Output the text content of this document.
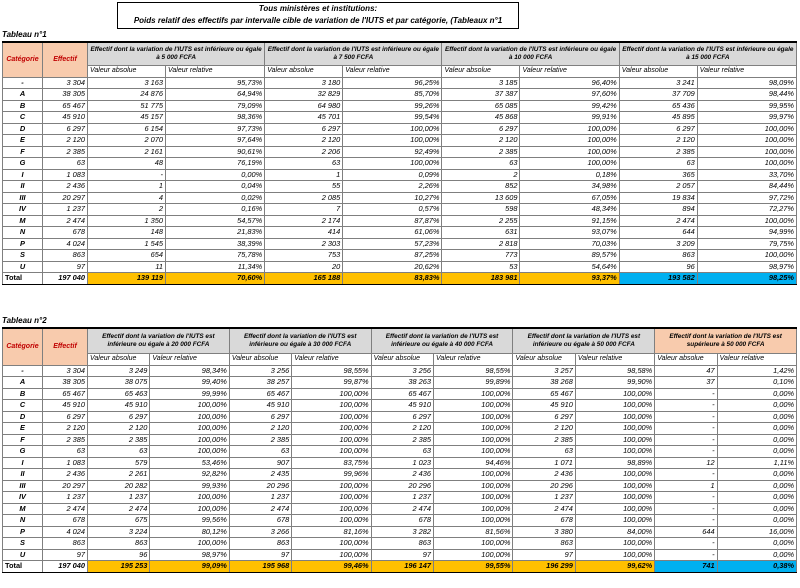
Tous ministères et institutions:
Poids relatif des effectifs par intervalle cible de variation de l'IUTS et par catégorie, (Tableaux n°1
Tableau n°1
Catégorie	Effectif	Effectif dont la variation de l'IUTS est inférieure ou égale à 5 000 FCFA		Effectif dont la variation de l'IUTS est inférieure ou égale à 7 500 FCFA		Effectif dont la variation de l'IUTS est inférieure ou égale à 10 000 FCFA		Effectif dont la variation de l'IUTS est inférieure ou égale à 15 000 FCFA	
		Valeur absolue	Valeur relative	Valeur absolue	Valeur relative	Valeur absolue	Valeur relative	Valeur absolue	Valeur relative
-	3 304	3 163	95,73%	3 180	96,25%	3 185	96,40%	3 241	98,09%
A	38 305	24 876	64,94%	32 829	85,70%	37 387	97,60%	37 709	98,44%
B	65 467	51 775	79,09%	64 980	99,26%	65 085	99,42%	65 436	99,95%
C	45 910	45 157	98,36%	45 701	99,54%	45 868	99,91%	45 895	99,97%
D	6 297	6 154	97,73%	6 297	100,00%	6 297	100,00%	6 297	100,00%
E	2 120	2 070	97,64%	2 120	100,00%	2 120	100,00%	2 120	100,00%
F	2 385	2 161	90,61%	2 206	92,49%	2 385	100,00%	2 385	100,00%
G	63	48	76,19%	63	100,00%	63	100,00%	63	100,00%
I	1 083	-	0,00%	1	0,09%	2	0,18%	365	33,70%
II	2 436	1	0,04%	55	2,26%	852	34,98%	2 057	84,44%
III	20 297	4	0,02%	2 085	10,27%	13 609	67,05%	19 834	97,72%
IV	1 237	2	0,16%	7	0,57%	598	48,34%	894	72,27%
M	2 474	1 350	54,57%	2 174	87,87%	2 255	91,15%	2 474	100,00%
N	678	148	21,83%	414	61,06%	631	93,07%	644	94,99%
P	4 024	1 545	38,39%	2 303	57,23%	2 818	70,03%	3 209	79,75%
S	863	654	75,78%	753	87,25%	773	89,57%	863	100,00%
U	97	11	11,34%	20	20,62%	53	54,64%	96	98,97%
Total	197 040	139 119	70,60%	165 188	83,83%	183 981	93,37%	193 582	98,25%
Tableau n°2
Catégorie	Effectif	Effectif dont la variation de l'IUTS est inférieure ou égale à 20 000 FCFA		Effectif dont la variation de l'IUTS est inférieure ou égale à 30 000 FCFA		Effectif dont la variation de l'IUTS est inférieure ou égale à 40 000 FCFA		Effectif dont la variation de l'IUTS est inférieure ou égale à 50 000 FCFA		Effectif dont la variation de l'IUTS est supérieure à 50 000 FCFA	
		Valeur absolue	Valeur relative	Valeur absolue	Valeur relative	Valeur absolue	Valeur relative	Valeur absolue	Valeur relative	Valeur absolue	Valeur relative
-	3 304	3 249	98,34%	3 256	98,55%	3 256	98,55%	3 257	98,58%	47	1,42%
A	38 305	38 075	99,40%	38 257	99,87%	38 263	99,89%	38 268	99,90%	37	0,10%
B	65 467	65 463	99,99%	65 467	100,00%	65 467	100,00%	65 467	100,00%	-	0,00%
C	45 910	45 910	100,00%	45 910	100,00%	45 910	100,00%	45 910	100,00%	-	0,00%
D	6 297	6 297	100,00%	6 297	100,00%	6 297	100,00%	6 297	100,00%	-	0,00%
E	2 120	2 120	100,00%	2 120	100,00%	2 120	100,00%	2 120	100,00%	-	0,00%
F	2 385	2 385	100,00%	2 385	100,00%	2 385	100,00%	2 385	100,00%	-	0,00%
G	63	63	100,00%	63	100,00%	63	100,00%	63	100,00%	-	0,00%
I	1 083	579	53,46%	907	83,75%	1 023	94,46%	1 071	98,89%	12	1,11%
II	2 436	2 261	92,82%	2 435	99,96%	2 436	100,00%	2 436	100,00%	-	0,00%
III	20 297	20 282	99,93%	20 296	100,00%	20 296	100,00%	20 296	100,00%	1	0,00%
IV	1 237	1 237	100,00%	1 237	100,00%	1 237	100,00%	1 237	100,00%	-	0,00%
M	2 474	2 474	100,00%	2 474	100,00%	2 474	100,00%	2 474	100,00%	-	0,00%
N	678	675	99,56%	678	100,00%	678	100,00%	678	100,00%	-	0,00%
P	4 024	3 224	80,12%	3 266	81,16%	3 282	81,56%	3 380	84,00%	644	16,00%
S	863	863	100,00%	863	100,00%	863	100,00%	863	100,00%	-	0,00%
U	97	96	98,97%	97	100,00%	97	100,00%	97	100,00%	-	0,00%
Total	197 040	195 253	99,09%	195 968	99,46%	196 147	99,55%	196 299	99,62%	741	0,38%
